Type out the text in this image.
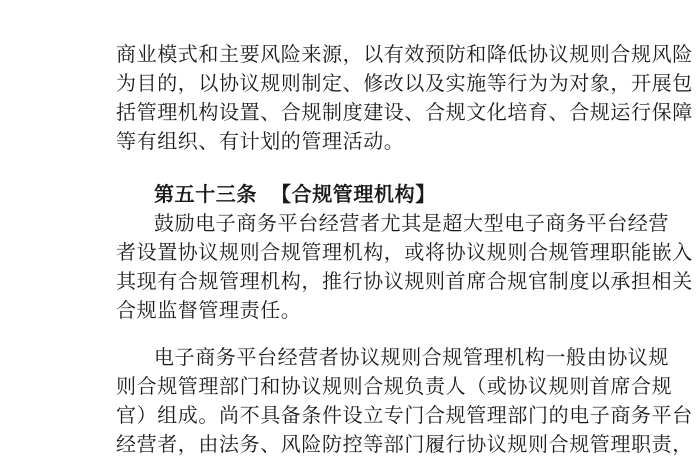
商业模式和主要风险来源，以有效预防和降低协议规则合规风险
为目的，以协议规则制定、修改以及实施等行为为对象，开展包
括管理机构设置、合规制度建设、合规文化培育、合规运行保障
等有组织、有计划的管理活动。
第五十三条 【合规管理机构】
鼓励电子商务平台经营者尤其是超大型电子商务平台经营
者设置协议规则合规管理机构，或将协议规则合规管理职能嵌入
其现有合规管理机构，推行协议规则首席合规官制度以承担相关
合规监督管理责任。
电子商务平台经营者协议规则合规管理机构一般由协议规
则合规管理部门和协议规则合规负责人（或协议规则首席合规
官）组成。尚不具备条件设立专门合规管理部门的电子商务平台
经营者，由法务、风险防控等部门履行协议规则合规管理职责，
